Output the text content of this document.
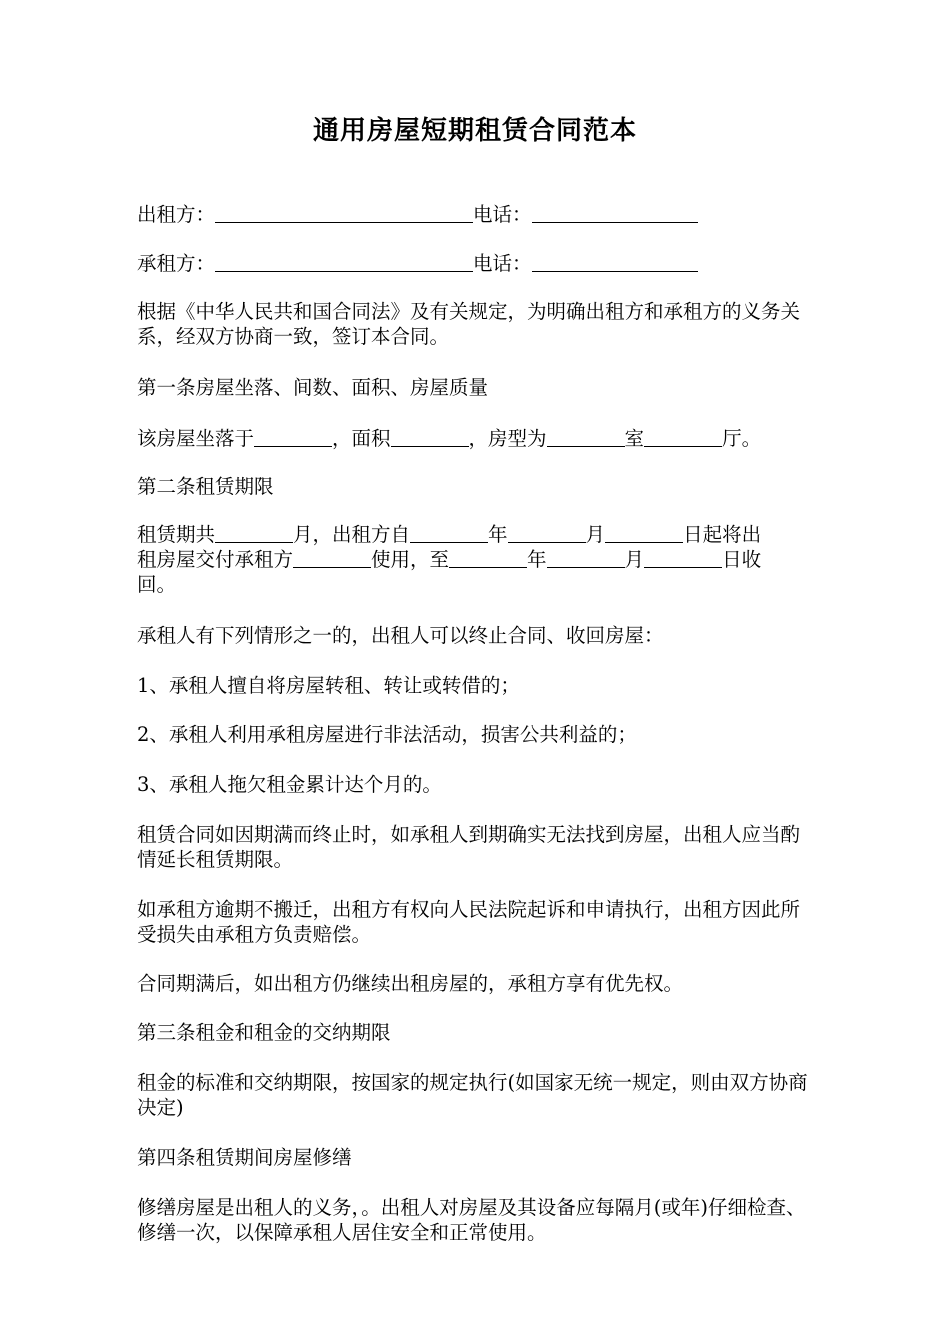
通用房屋短期租赁合同范本
出租方：	电话：
承租方：	电话：
根据《中华人民共和国合同法》及有关规定，为明确出租方和承租方的义务关系，经双方协商一致，签订本合同。
第一条房屋坐落、间数、面积、房屋质量
该房屋坐落于	，面积	，房型为	室	厅。
第二条租赁期限
租赁期共	月，出租方自	年	月	日起将出
租房屋交付承租方	使用，至	年	月	日收
回。
承租人有下列情形之一的，出租人可以终止合同、收回房屋：
1、承租人擅自将房屋转租、转让或转借的；
2、承租人利用承租房屋进行非法活动，损害公共利益的；
3、承租人拖欠租金累计达个月的。
租赁合同如因期满而终止时，如承租人到期确实无法找到房屋，出租人应当酌情延长租赁期限。
如承租方逾期不搬迁，出租方有权向人民法院起诉和申请执行，出租方因此所受损失由承租方负责赔偿。
合同期满后，如出租方仍继续出租房屋的，承租方享有优先权。
第三条租金和租金的交纳期限
租金的标准和交纳期限，按国家的规定执行(如国家无统一规定，则由双方协商决定)
第四条租赁期间房屋修缮
修缮房屋是出租人的义务，。出租人对房屋及其设备应每隔月(或年)仔细检查、修缮一次，以保障承租人居住安全和正常使用。
